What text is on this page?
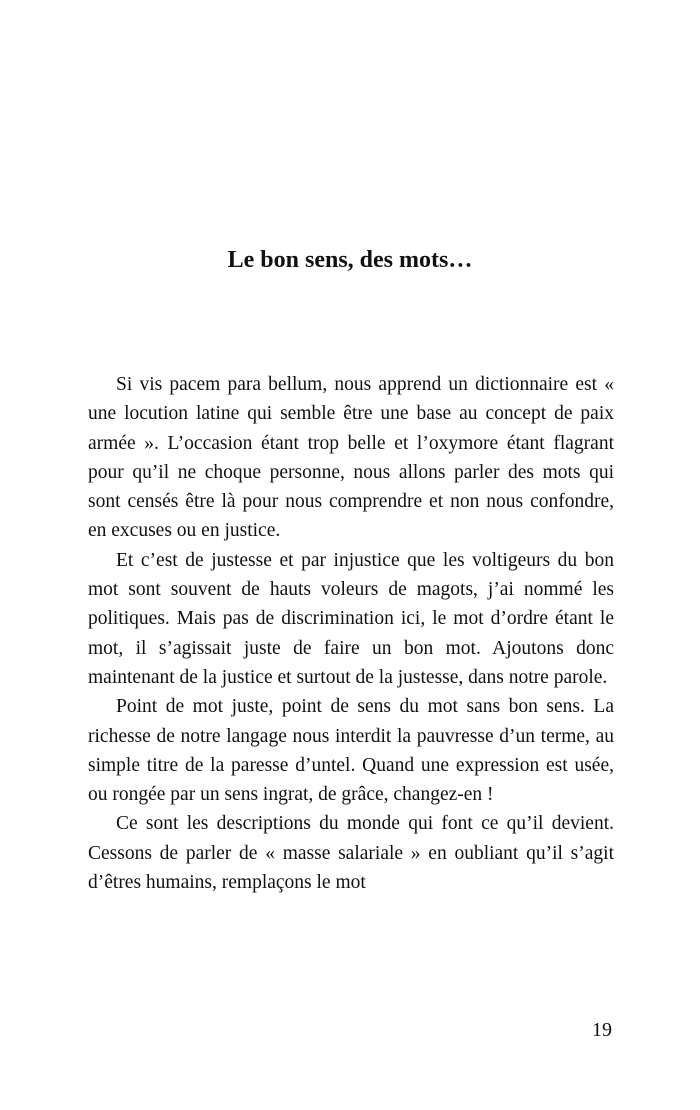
Le bon sens, des mots…

Si vis pacem para bellum, nous apprend un dictionnaire est « une locution latine qui semble être une base au concept de paix armée ». L’occasion étant trop belle et l’oxymore étant flagrant pour qu’il ne choque personne, nous allons parler des mots qui sont censés être là pour nous comprendre et non nous confondre, en excuses ou en justice.

Et c’est de justesse et par injustice que les voltigeurs du bon mot sont souvent de hauts voleurs de magots, j’ai nommé les politiques. Mais pas de discrimination ici, le mot d’ordre étant le mot, il s’agissait juste de faire un bon mot. Ajoutons donc maintenant de la justice et surtout de la justesse, dans notre parole.

Point de mot juste, point de sens du mot sans bon sens. La richesse de notre langage nous interdit la pauvresse d’un terme, au simple titre de la paresse d’untel. Quand une expression est usée, ou rongée par un sens ingrat, de grâce, changez-en !

Ce sont les descriptions du monde qui font ce qu’il devient. Cessons de parler de « masse salariale » en oubliant qu’il s’agit d’êtres humains, remplaçons le mot

19
